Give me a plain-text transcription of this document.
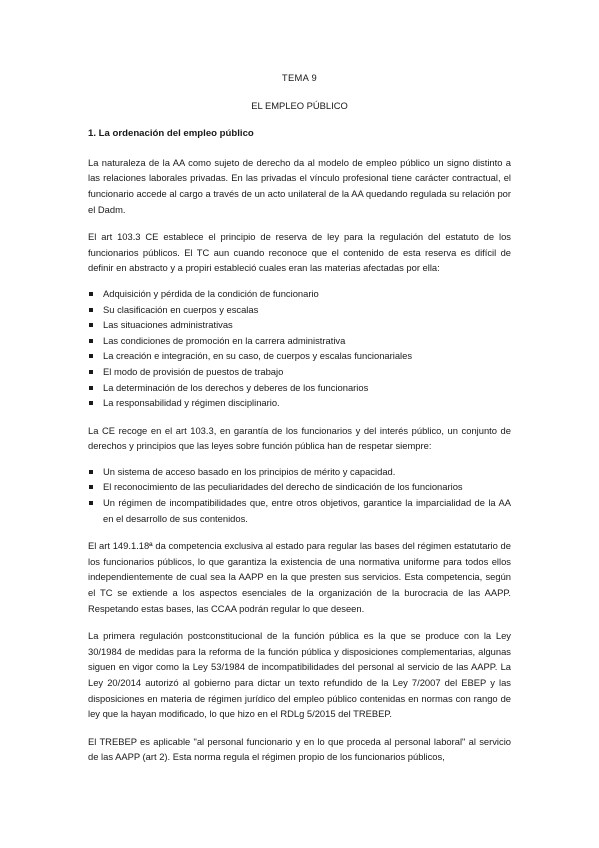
TEMA 9

EL EMPLEO PÚBLICO

1. La ordenación del empleo público

La naturaleza de la AA como sujeto de derecho da al modelo de empleo público un signo distinto a las relaciones laborales privadas. En las privadas el vínculo profesional tiene carácter contractual, el funcionario accede al cargo a través de un acto unilateral de la AA quedando regulada su relación por el Dadm.

El art 103.3 CE establece el principio de reserva de ley para la regulación del estatuto de los funcionarios públicos. El TC aun cuando reconoce que el contenido de esta reserva es difícil de definir en abstracto y a propiri estableció cuales eran las materias afectadas por ella:

Adquisición y pérdida de la condición de funcionario
Su clasificación en cuerpos y escalas
Las situaciones administrativas
Las condiciones de promoción en la carrera administrativa
La creación e integración, en su caso, de cuerpos y escalas funcionariales
El modo de provisión de puestos de trabajo
La determinación de los derechos y deberes de los funcionarios
La responsabilidad y régimen disciplinario.

La CE recoge en el art 103.3, en garantía de los funcionarios y del interés público, un conjunto de derechos y principios que las leyes sobre función pública han de respetar siempre:

Un sistema de acceso basado en los principios de mérito y capacidad.
El reconocimiento de las peculiaridades del derecho de sindicación de los funcionarios
Un régimen de incompatibilidades que, entre otros objetivos, garantice la imparcialidad de la AA en el desarrollo de sus contenidos.

El art 149.1.18ª da competencia exclusiva al estado para regular las bases del régimen estatutario de los funcionarios públicos, lo que garantiza la existencia de una normativa uniforme para todos ellos independientemente de cual sea la AAPP en la que presten sus servicios. Esta competencia, según el TC se extiende a los aspectos esenciales de la organización de la burocracia de las AAPP. Respetando estas bases, las CCAA podrán regular lo que deseen.

La primera regulación postconstitucional de la función pública es la que se produce con la Ley 30/1984 de medidas para la reforma de la función pública y disposiciones complementarias, algunas siguen en vigor como la Ley 53/1984 de incompatibilidades del personal al servicio de las AAPP. La Ley 20/2014 autorizó al gobierno para dictar un texto refundido de la Ley 7/2007 del EBEP y las disposiciones en materia de régimen jurídico del empleo público contenidas en normas con rango de ley que la hayan modificado, lo que hizo en el RDLg 5/2015 del TREBEP.

El TREBEP es aplicable "al personal funcionario y en lo que proceda al personal laboral" al servicio de las AAPP (art 2). Esta norma regula el régimen propio de los funcionarios públicos,
